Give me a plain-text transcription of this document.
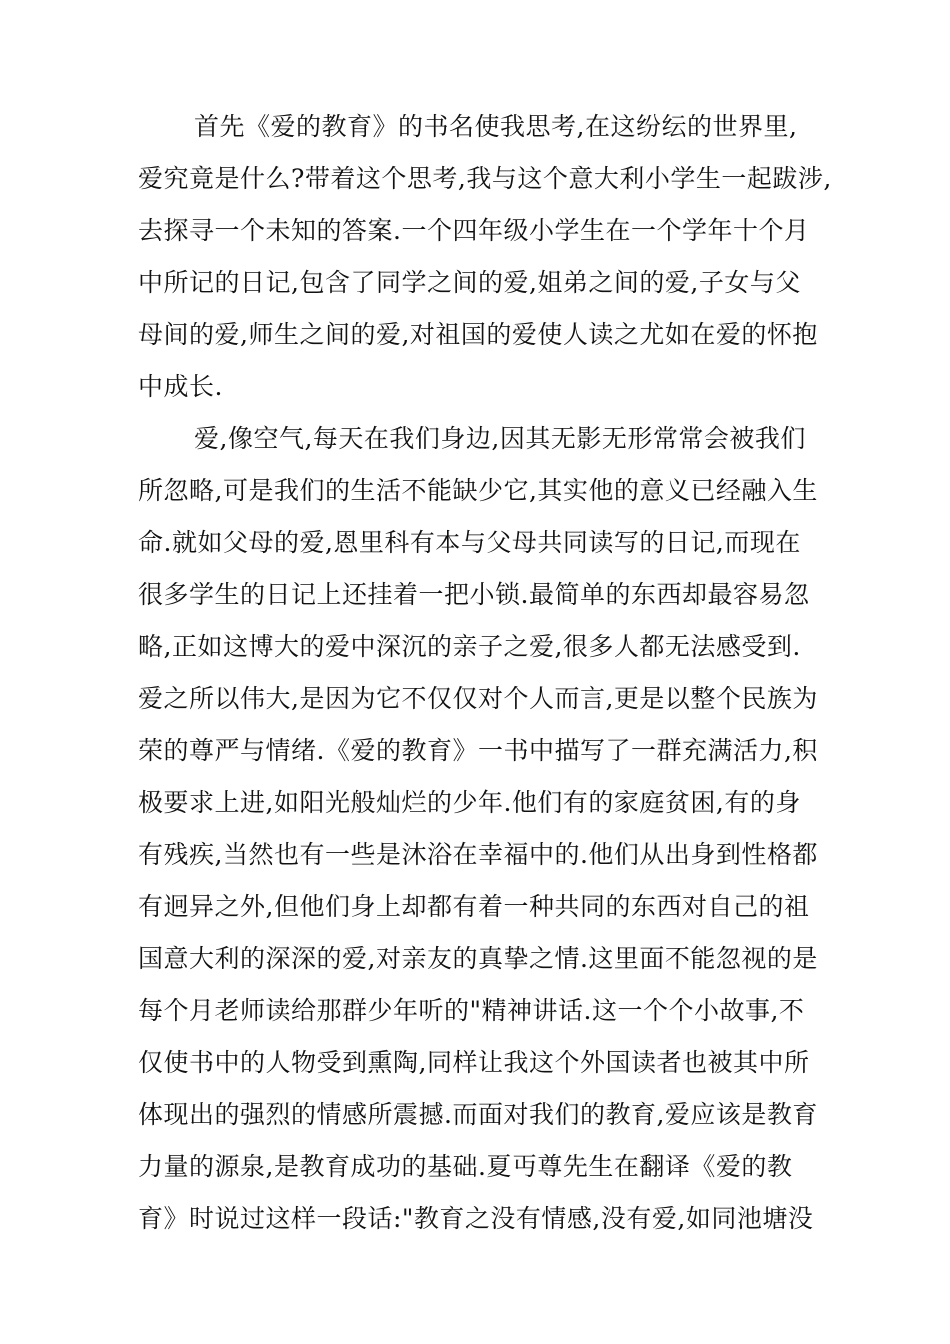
首先《爱的教育》的书名使我思考,在这纷纭的世界里,
爱究竟是什么?带着这个思考,我与这个意大利小学生一起跋涉,
去探寻一个未知的答案.一个四年级小学生在一个学年十个月
中所记的日记,包含了同学之间的爱,姐弟之间的爱,子女与父
母间的爱,师生之间的爱,对祖国的爱使人读之尤如在爱的怀抱
中成长.
爱,像空气,每天在我们身边,因其无影无形常常会被我们
所忽略,可是我们的生活不能缺少它,其实他的意义已经融入生
命.就如父母的爱,恩里科有本与父母共同读写的日记,而现在
很多学生的日记上还挂着一把小锁.最简单的东西却最容易忽
略,正如这博大的爱中深沉的亲子之爱,很多人都无法感受到.
爱之所以伟大,是因为它不仅仅对个人而言,更是以整个民族为
荣的尊严与情绪.《爱的教育》一书中描写了一群充满活力,积
极要求上进,如阳光般灿烂的少年.他们有的家庭贫困,有的身
有残疾,当然也有一些是沐浴在幸福中的.他们从出身到性格都
有迥异之外,但他们身上却都有着一种共同的东西对自己的祖
国意大利的深深的爱,对亲友的真挚之情.这里面不能忽视的是
每个月老师读给那群少年听的"精神讲话.这一个个小故事,不
仅使书中的人物受到熏陶,同样让我这个外国读者也被其中所
体现出的强烈的情感所震撼.而面对我们的教育,爱应该是教育
力量的源泉,是教育成功的基础.夏丏尊先生在翻译《爱的教
育》时说过这样一段话:"教育之没有情感,没有爱,如同池塘没
